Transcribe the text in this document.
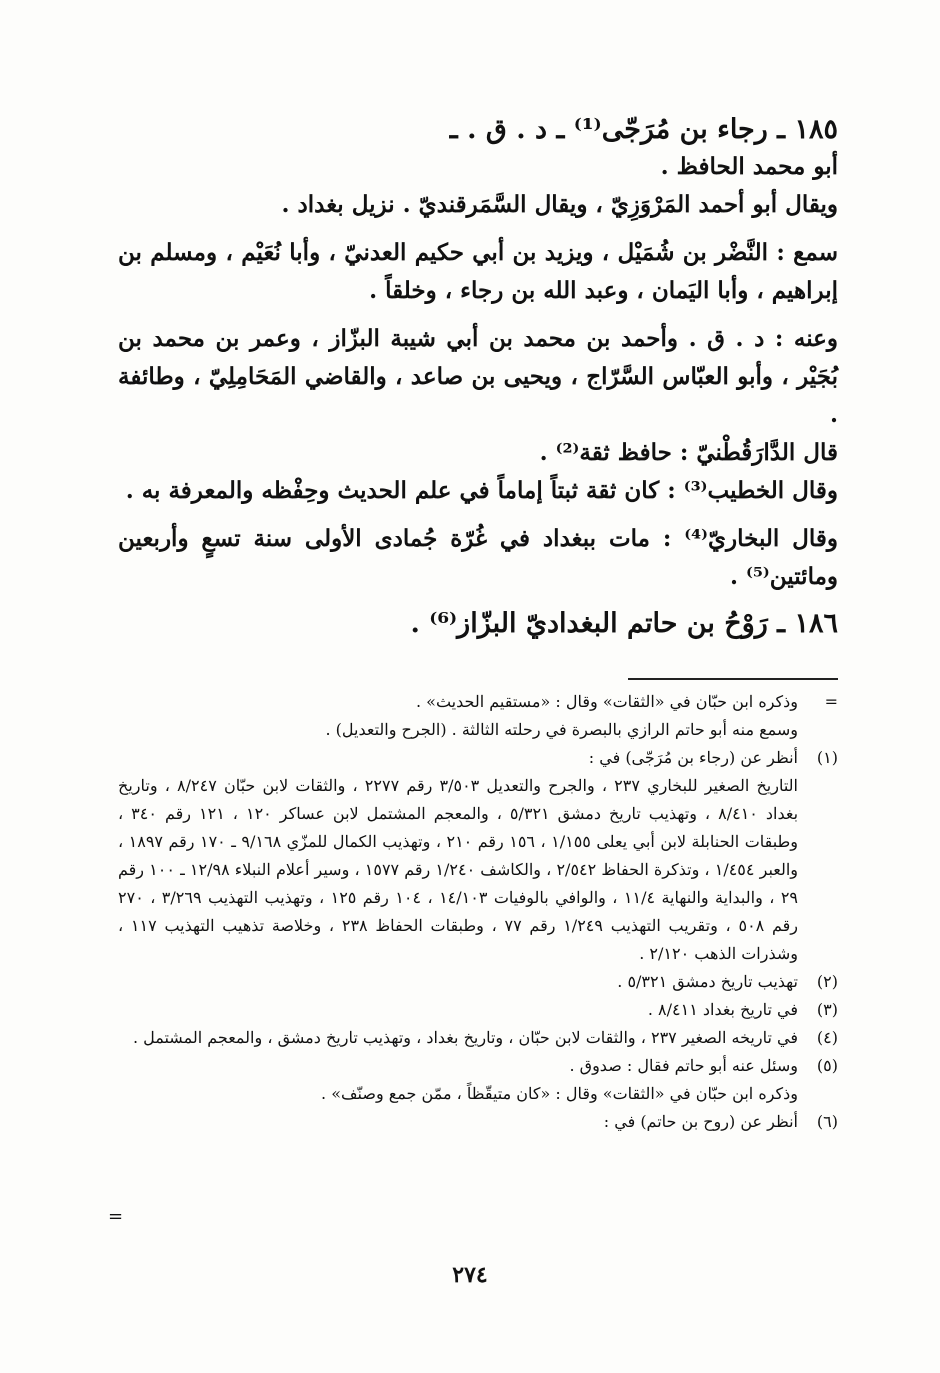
١٨٥ ـ رجاء بن مُرَجّى⁽¹⁾ ـ د . ق . ـ

أبو محمد الحافظ .

ويقال أبو أحمد المَرْوَزِيّ ، ويقال السَّمَرقنديّ . نزيل بغداد .

سمع : النَّضْر بن شُمَيْل ، ويزيد بن أبي حكيم العدنيّ ، وأبا نُعَيْم ، ومسلم بن إبراهيم ، وأبا اليَمان ، وعبد الله بن رجاء ، وخلقاً .

وعنه : د . ق . وأحمد بن محمد بن أبي شيبة البزّاز ، وعمر بن محمد بن بُجَيْر ، وأبو العبّاس السَّرّاج ، ويحيى بن صاعد ، والقاضي المَحَامِلِيّ ، وطائفة .

قال الدَّارَقُطْنيّ : حافظ ثقة⁽²⁾ .

وقال الخطيب⁽³⁾ : كان ثقة ثبتاً إماماً في علم الحديث وحِفْظه والمعرفة به .

وقال البخاريّ⁽⁴⁾ : مات ببغداد في غُرّة جُمادى الأولى سنة تسعٍ وأربعين ومائتين⁽⁵⁾ .

١٨٦ ـ رَوْحُ بن حاتم البغداديّ البزّاز⁽⁶⁾ .

=
وذكره ابن حبّان في «الثقات» وقال : «مستقيم الحديث» .
وسمع منه أبو حاتم الرازي بالبصرة في رحلته الثالثة . (الجرح والتعديل) .
(١)
أنظر عن (رجاء بن مُرَجّى) في :
التاريخ الصغير للبخاري ٢٣٧ ، والجرح والتعديل ٣/٥٠٣ رقم ٢٢٧٧ ، والثقات لابن حبّان ٨/٢٤٧ ، وتاريخ بغداد ٨/٤١٠ ، وتهذيب تاريخ دمشق ٥/٣٢١ ، والمعجم المشتمل لابن عساكر ١٢٠ ، ١٢١ رقم ٣٤٠ ، وطبقات الحنابلة لابن أبي يعلى ١/١٥٥ ، ١٥٦ رقم ٢١٠ ، وتهذيب الكمال للمزّي ٩/١٦٨ ـ ١٧٠ رقم ١٨٩٧ ، والعبر ١/٤٥٤ ، وتذكرة الحفاظ ٢/٥٤٢ ، والكاشف ١/٢٤٠ رقم ١٥٧٧ ، وسير أعلام النبلاء ١٢/٩٨ ـ ١٠٠ رقم ٢٩ ، والبداية والنهاية ١١/٤ ، والوافي بالوفيات ١٤/١٠٣ ، ١٠٤ رقم ١٢٥ ، وتهذيب التهذيب ٣/٢٦٩ ، ٢٧٠ رقم ٥٠٨ ، وتقريب التهذيب ١/٢٤٩ رقم ٧٧ ، وطبقات الحفاظ ٢٣٨ ، وخلاصة تذهيب التهذيب ١١٧ ، وشذرات الذهب ٢/١٢٠ .
(٢)
تهذيب تاريخ دمشق ٥/٣٢١ .
(٣)
في تاريخ بغداد ٨/٤١١ .
(٤)
في تاريخه الصغير ٢٣٧ ، والثقات لابن حبّان ، وتاريخ بغداد ، وتهذيب تاريخ دمشق ، والمعجم المشتمل .
(٥)
وسئل عنه أبو حاتم فقال : صدوق .
وذكره ابن حبّان في «الثقات» وقال : «كان متيقّظاً ، ممّن جمع وصنّف» .
(٦)
أنظر عن (روح بن حاتم) في :
=
٢٧٤
